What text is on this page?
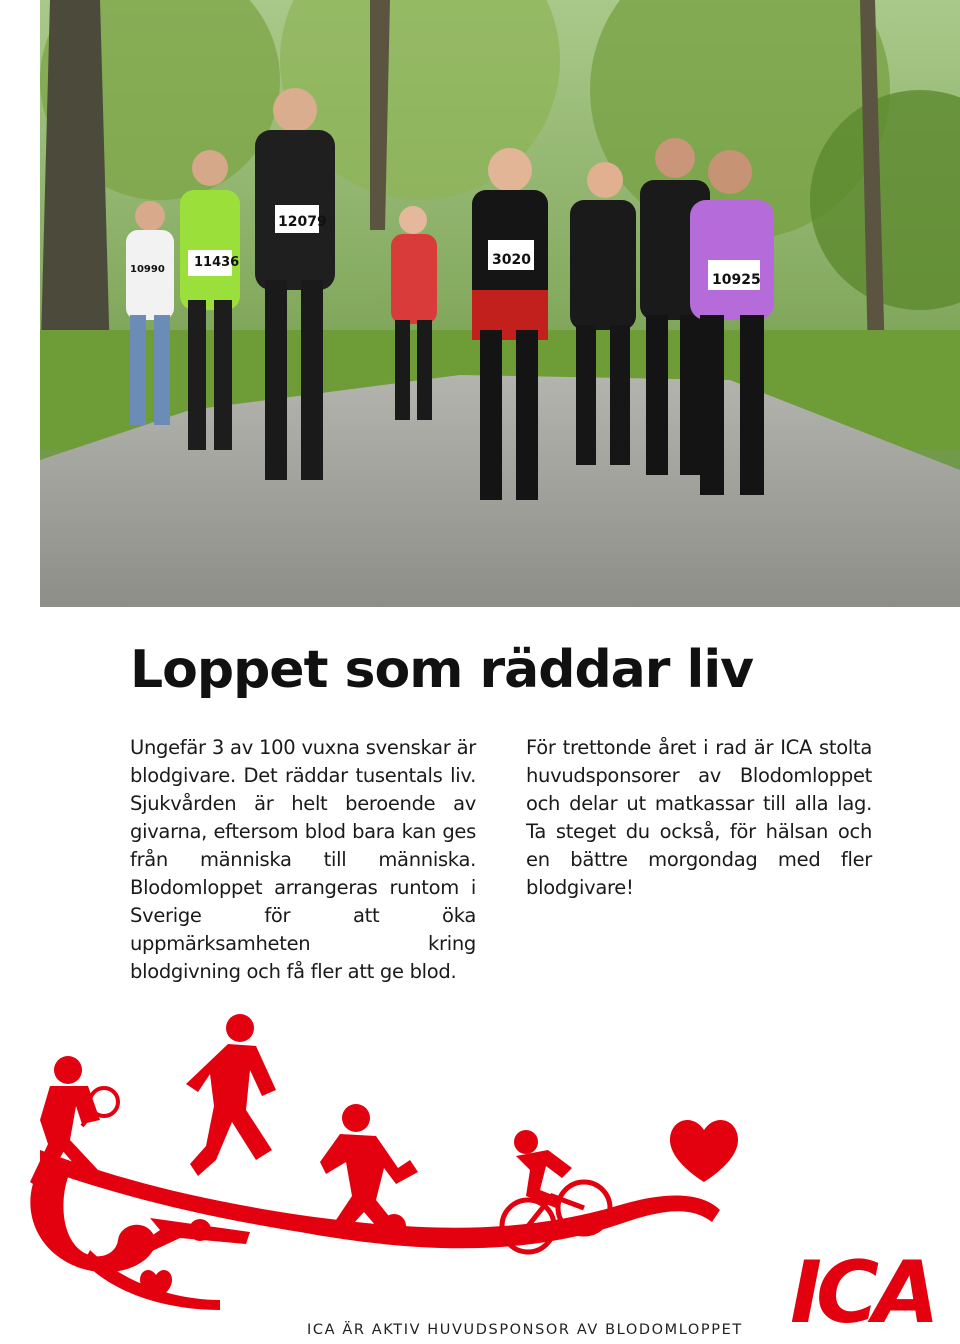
12079
11436	3020
10925
10990
Loppet som räddar liv

Ungefär 3 av 100 vuxna svenskar är blodgivare. Det räddar tusentals liv. Sjukvården är helt beroende av givarna, eftersom blod bara kan ges från människa till människa. Blodomloppet arrangeras runtom i Sverige för att öka uppmärksamheten kring blodgivning och få fler att ge blod.

För trettonde året i rad är ICA stolta huvudsponsorer av Blodomloppet och delar ut matkassar till alla lag. Ta steget du också, för hälsan och en bättre morgondag med fler blodgivare!

ICA
ICA ÄR AKTIV HUVUDSPONSOR AV BLODOMLOPPET
